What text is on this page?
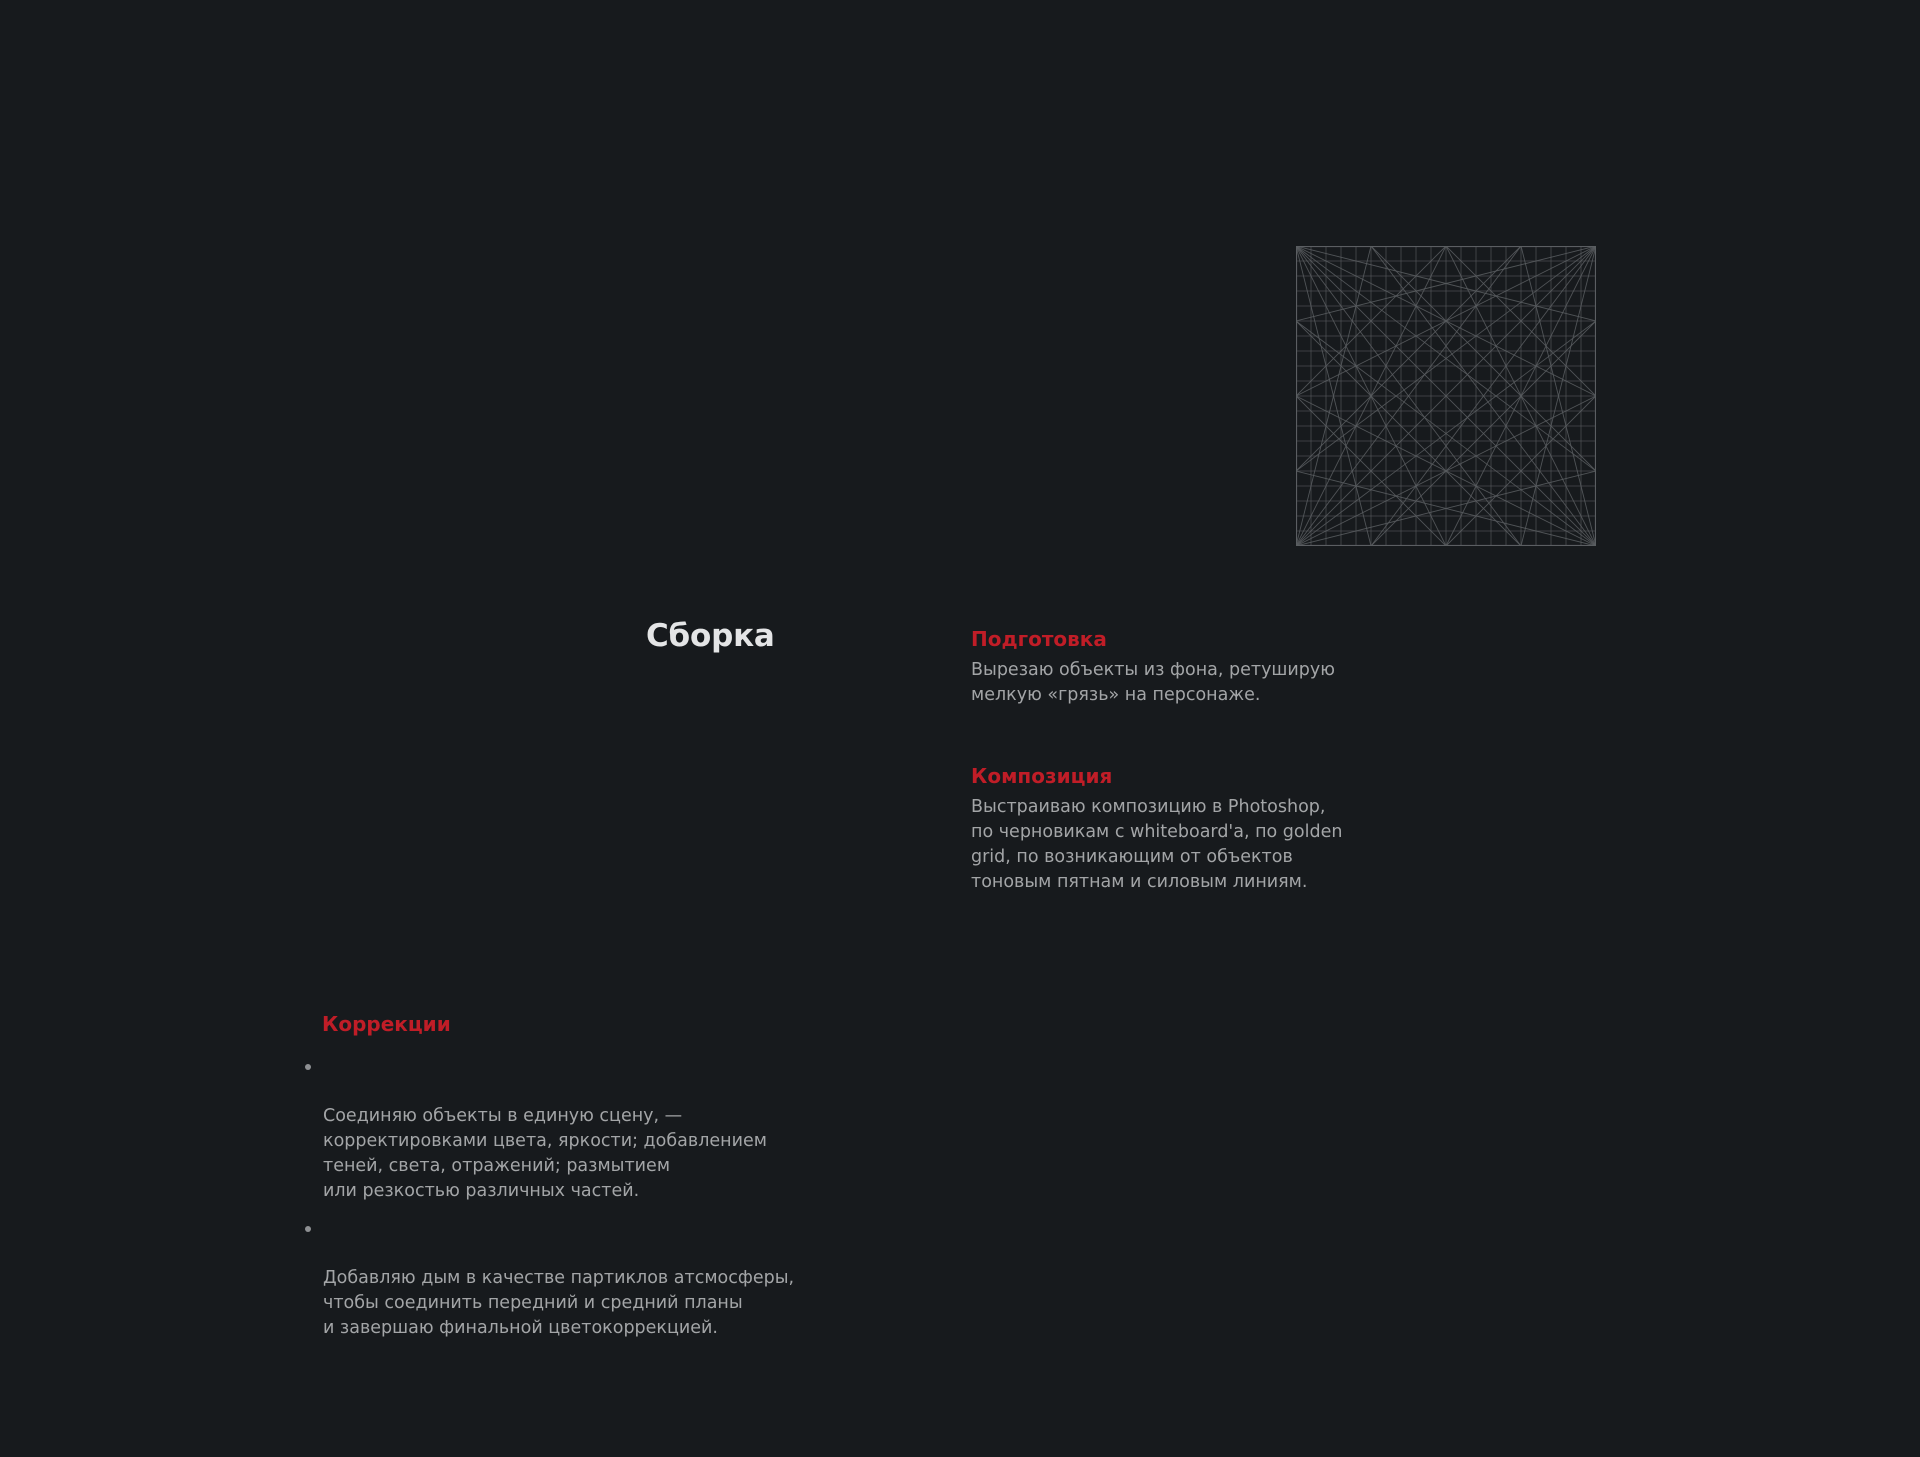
Сборка	Подготовка

Вырезаю объекты из фона, ретуширую
мелкую «грязь» на персонаже.

Композиция

Выстраиваю композицию в Photoshop,
по черновикам с whiteboard'a, по golden
grid, по возникающим от объектов
тоновым пятнам и силовым линиям.

Коррекции

Соединяю объекты в единую сцену, —
корректировками цвета, яркости; добавлением
теней, света, отражений; размытием
или резкостью различных частей.

Добавляю дым в качестве партиклов атсмосферы,
чтобы соединить передний и средний планы
и завершаю финальной цветокоррекцией.
